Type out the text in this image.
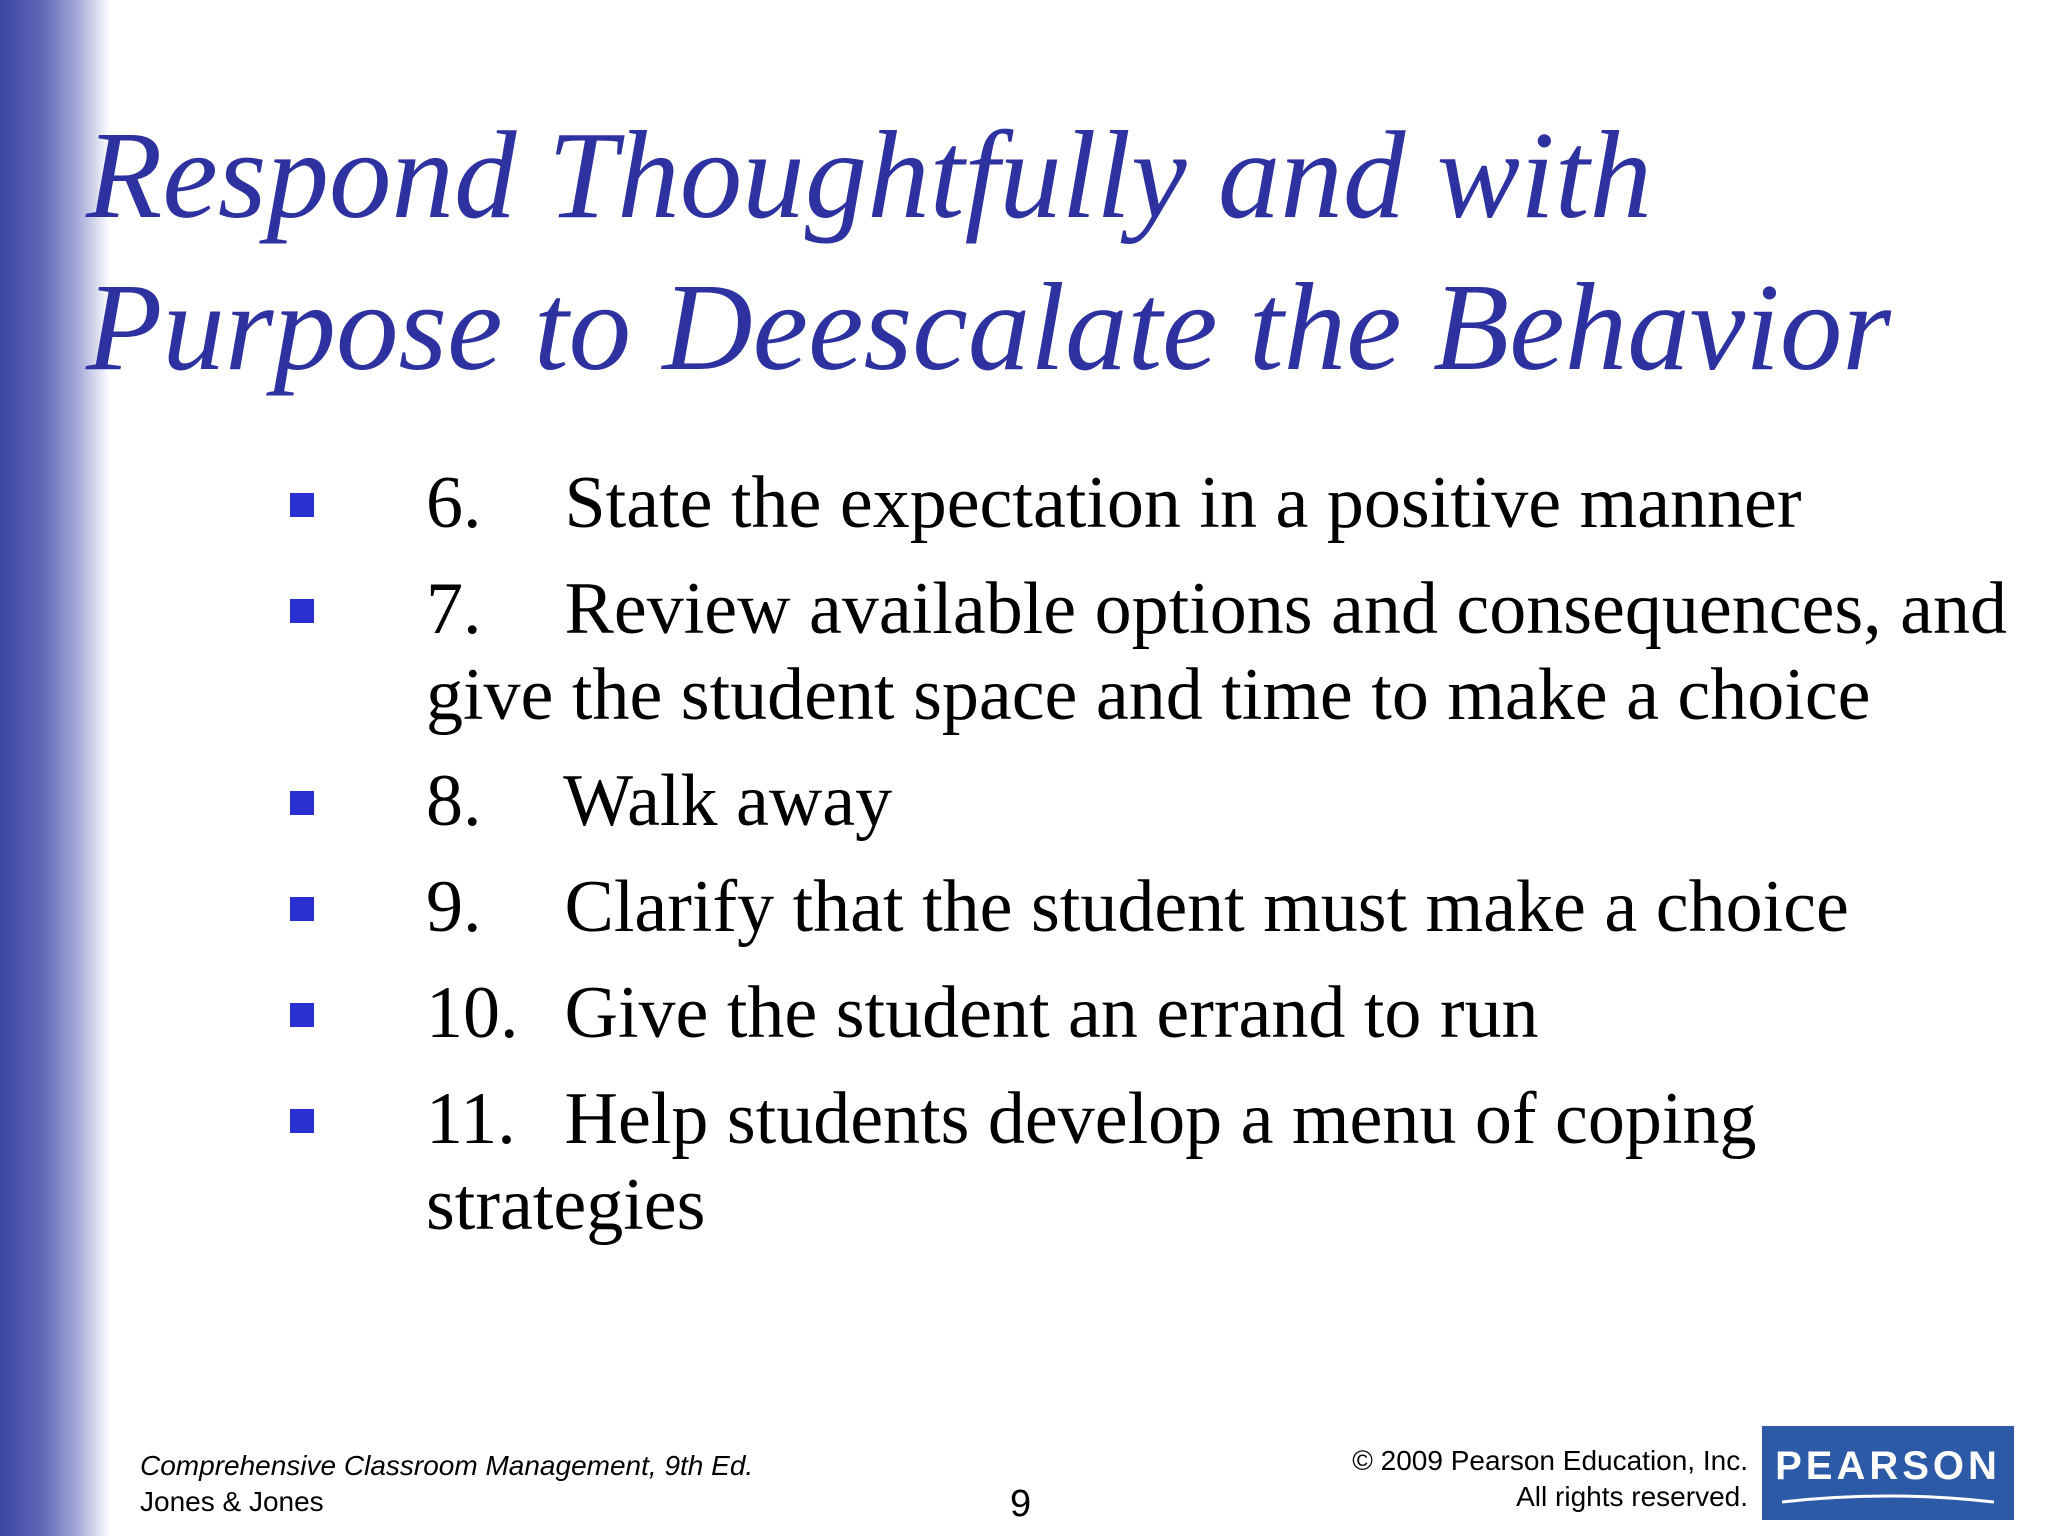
Respond Thoughtfully and with
Purpose to Deescalate the Behavior
6. State the expectation in a positive manner
7. Review available options and consequences, and give the student space and time to make a choice
8. Walk away
9. Clarify that the student must make a choice
10. Give the student an errand to run
11. Help students develop a menu of coping strategies
Comprehensive Classroom Management, 9th Ed.
Jones & Jones	9
© 2009 Pearson Education, Inc.
All rights reserved.
PEARSON
